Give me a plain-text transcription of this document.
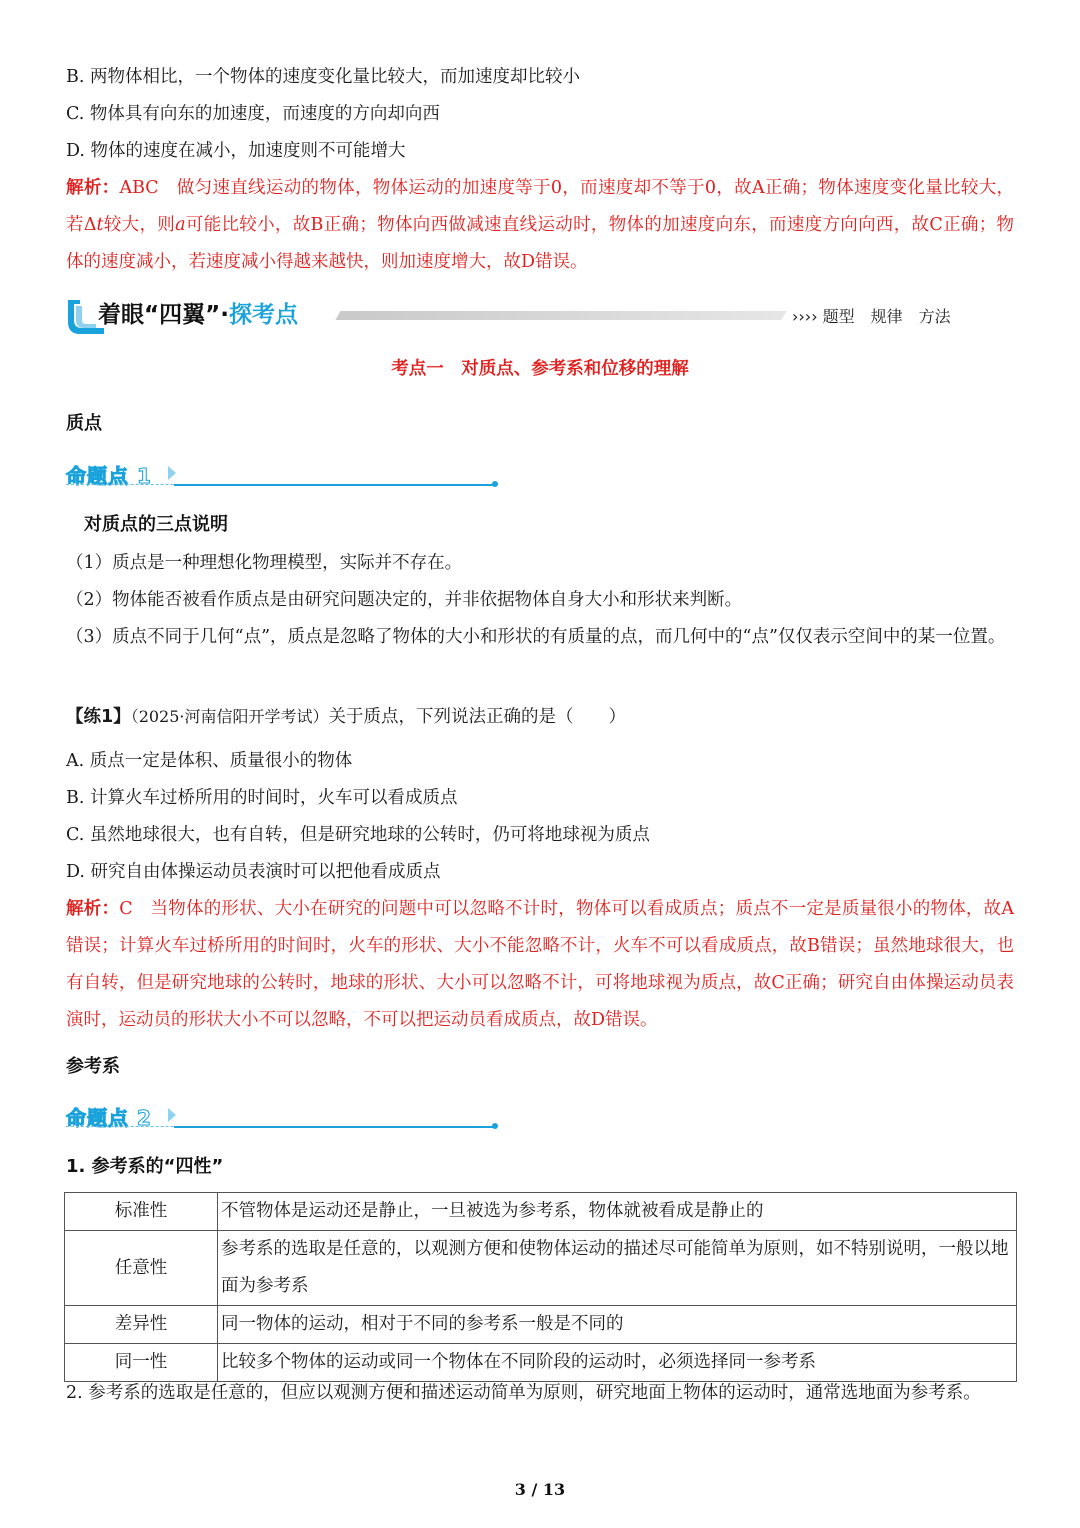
B. 两物体相比，一个物体的速度变化量比较大，而加速度却比较小
C. 物体具有向东的加速度，而速度的方向却向西
D. 物体的速度在减小，加速度则不可能增大
解析：ABC　做匀速直线运动的物体，物体运动的加速度等于0，而速度却不等于0，故A正确；物体速度变化量比较大，若Δt较大，则a可能比较小，故B正确；物体向西做减速直线运动时，物体的加速度向东，而速度方向向西，故C正确；物体的速度减小，若速度减小得越来越快，则加速度增大，故D错误。
着眼“四翼”·探考点	›››› 题型　规律　方法
考点一　对质点、参考系和位移的理解
质点
命题点 1
对质点的三点说明
（1）质点是一种理想化物理模型，实际并不存在。
（2）物体能否被看作质点是由研究问题决定的，并非依据物体自身大小和形状来判断。
（3）质点不同于几何“点”，质点是忽略了物体的大小和形状的有质量的点，而几何中的“点”仅仅表示空间中的某一位置。
【练1】（2025·河南信阳开学考试）关于质点，下列说法正确的是（　　）
A. 质点一定是体积、质量很小的物体
B. 计算火车过桥所用的时间时，火车可以看成质点
C. 虽然地球很大，也有自转，但是研究地球的公转时，仍可将地球视为质点
D. 研究自由体操运动员表演时可以把他看成质点
解析：C　当物体的形状、大小在研究的问题中可以忽略不计时，物体可以看成质点；质点不一定是质量很小的物体，故A错误；计算火车过桥所用的时间时，火车的形状、大小不能忽略不计，火车不可以看成质点，故B错误；虽然地球很大，也有自转，但是研究地球的公转时，地球的形状、大小可以忽略不计，可将地球视为质点，故C正确；研究自由体操运动员表演时，运动员的形状大小不可以忽略，不可以把运动员看成质点，故D错误。
参考系
命题点 2
1. 参考系的“四性”
标准性	不管物体是运动还是静止，一旦被选为参考系，物体就被看成是静止的
任意性	参考系的选取是任意的，以观测方便和使物体运动的描述尽可能简单为原则，如不特别说明，一般以地面为参考系
差异性	同一物体的运动，相对于不同的参考系一般是不同的
同一性	比较多个物体的运动或同一个物体在不同阶段的运动时，必须选择同一参考系
2. 参考系的选取是任意的，但应以观测方便和描述运动简单为原则，研究地面上物体的运动时，通常选地面为参考系。
3 / 13
